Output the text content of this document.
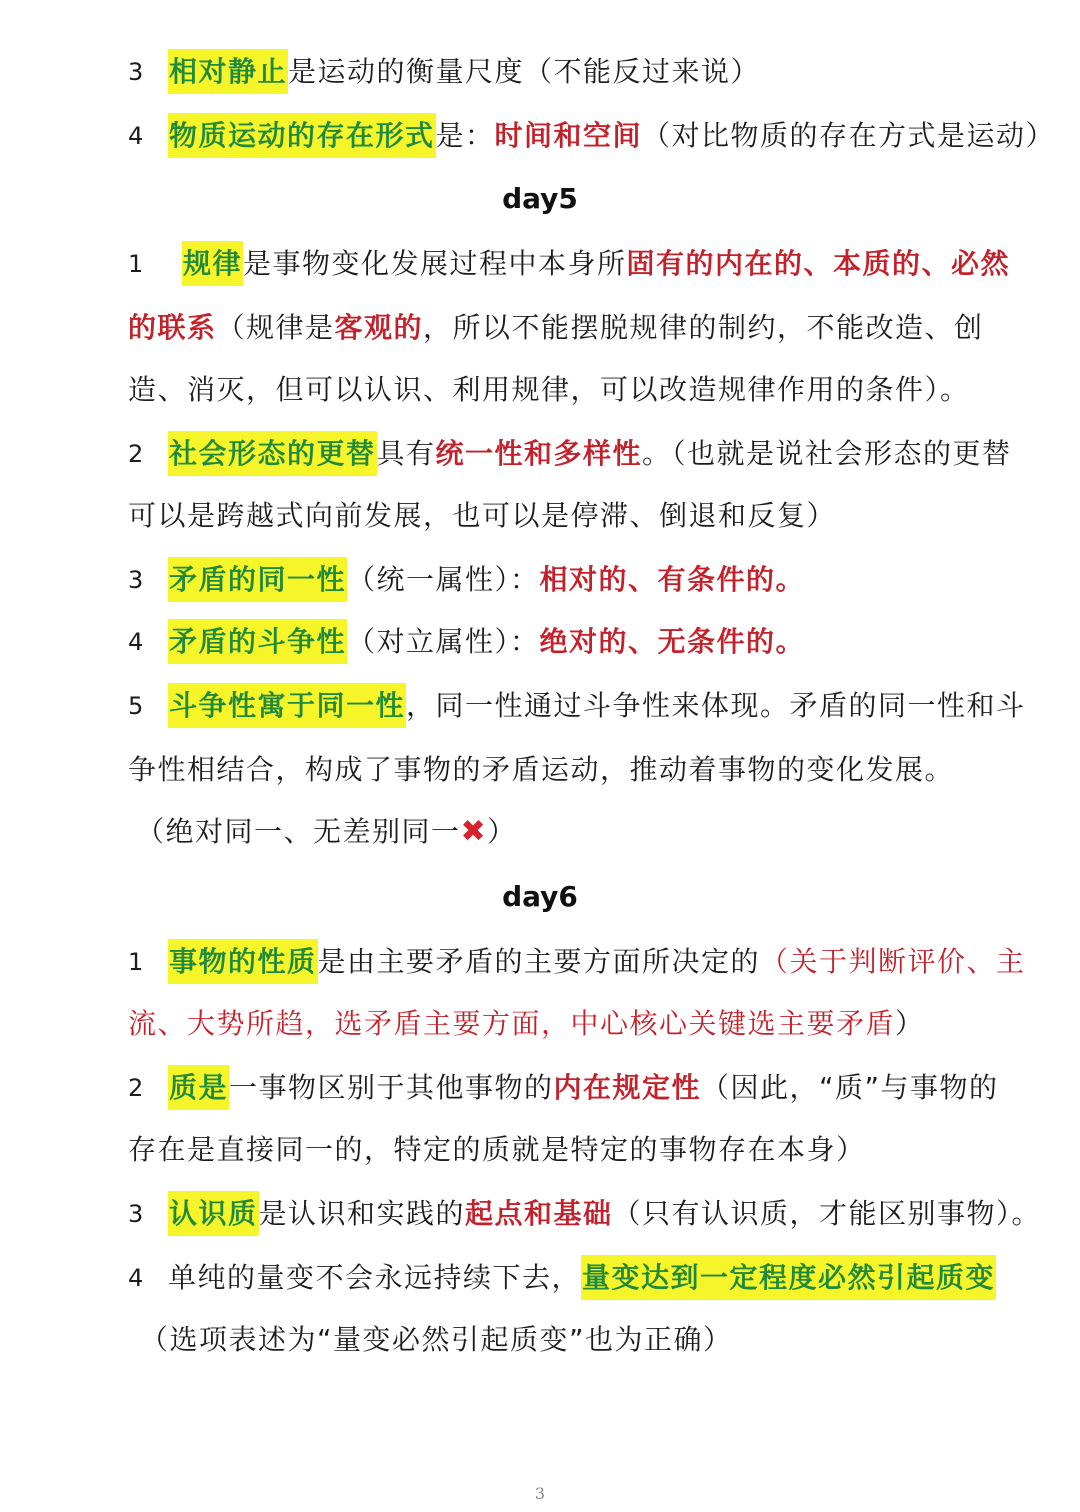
3 相对静止是运动的衡量尺度（不能反过来说）
4 物质运动的存在形式是：时间和空间（对比物质的存在方式是运动）
day5
1 规律是事物变化发展过程中本身所固有的内在的、本质的、必然
的联系（规律是客观的，所以不能摆脱规律的制约，不能改造、创
造、消灭，但可以认识、利用规律，可以改造规律作用的条件）。
2 社会形态的更替具有统一性和多样性。（也就是说社会形态的更替
可以是跨越式向前发展，也可以是停滞、倒退和反复）
3 矛盾的同一性（统一属性）：相对的、有条件的。
4 矛盾的斗争性（对立属性）：绝对的、无条件的。
5 斗争性寓于同一性，同一性通过斗争性来体现。矛盾的同一性和斗
争性相结合，构成了事物的矛盾运动，推动着事物的变化发展。
（绝对同一、无差别同一✖）
day6
1 事物的性质是由主要矛盾的主要方面所决定的（关于判断评价、主
流、大势所趋，选矛盾主要方面，中心核心关键选主要矛盾）
2 质是一事物区别于其他事物的内在规定性（因此，“质”与事物的
存在是直接同一的，特定的质就是特定的事物存在本身）
3 认识质是认识和实践的起点和基础（只有认识质，才能区别事物）。
4 单纯的量变不会永远持续下去，量变达到一定程度必然引起质变
（选项表述为“量变必然引起质变”也为正确）
3
